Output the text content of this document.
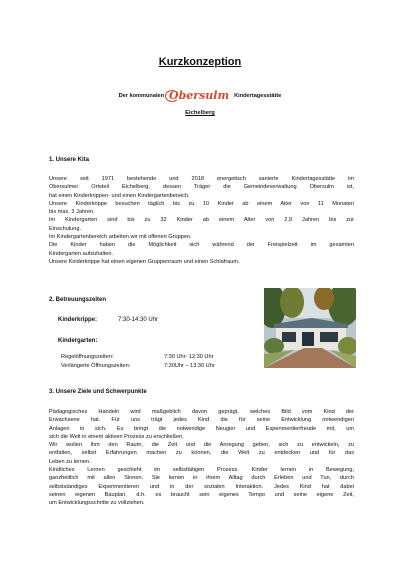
Kurzkonzeption
Der kommunalen Obersulm Kindertagesstätte
Eichelberg
1. Unsere Kita
Unsere seit 1971 bestehende und 2018 energetisch sanierte Kindertagesstätte im
Obersulmer Ortsteil Eichelberg, dessen Träger die Gemeindeverwaltung Obersulm ist,
hat einen Kinderkrippen- und einen Kindergartenbereich.
Unsere Kinderkrippe besuchen täglich bis zu 10 Kinder ab einem Alter von 11 Monaten
bis max. 3 Jahren.
Im Kindergarten sind bis zu 32 Kinder ab einem Alter von 2,9 Jahren bis zur
Einschulung.
Im Kindergartenbereich arbeiten wir mit offenen Gruppen.
Die Kinder haben die Möglichkeit sich während der Freispielzeit im gesamten
Kindergarten aufzuhalten.
Unsere Kinderkrippe hat einen eigenen Gruppenraum und einen Schlafraum.
2. Betreuungszeiten
Kinderkrippe:	7:30-14:30 Uhr
Kindergarten:
Regelöffnungszeiten:	7:30 Uhr- 12:30 Uhr
Verlängerte Öffnungszeiten:	7:30Uhr – 13:30 Uhr
3. Unsere Ziele und Schwerpunkte
Pädagogisches Handeln wird maßgeblich davon geprägt, welches Bild vom Kind der
Erwachsene hat. Für uns trägt jedes Kind die für seine Entwicklung notwendigen
Anlagen in sich. Es bringt die notwendige Neugier und Experimentierfreude mit, um
sich die Welt in einem aktiven Prozess zu erschließen.
Wir wollen ihm den Raum, die Zeit und die Anregung geben, sich zu entwickeln, zu
entfalten, selbst Erfahrungen machen zu können, die Welt zu entdecken und für das
Leben zu lernen.
Kindliches Lernen geschieht im selbsttätigen Prozess. Kinder lernen in Bewegung,
ganzheitlich mit allen Sinnen. Sie lernen in ihrem Alltag durch Erleben und Tun, durch
selbstständiges Experimentieren und in der sozialen Interaktion. Jedes Kind hat dabei
seinen eigenen Bauplan, d.h. es braucht sein eigenes Tempo und seine eigene Zeit,
um Entwicklungsschritte zu vollziehen.
